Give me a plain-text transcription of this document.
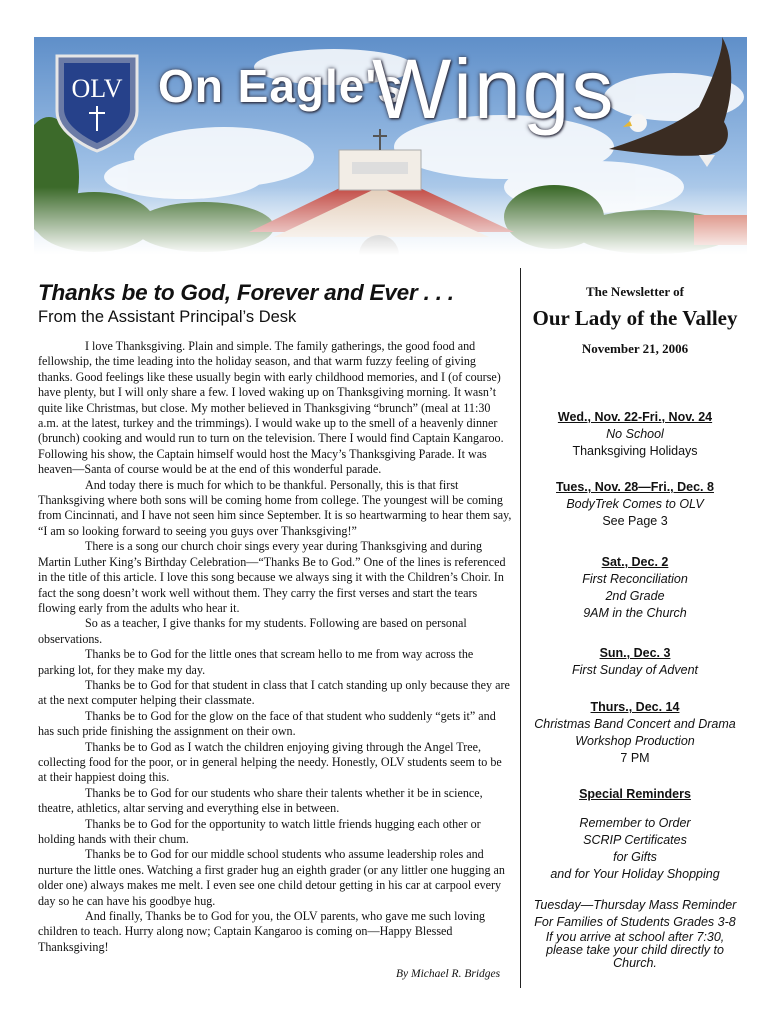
OLV On Eagle's
Wings
Thanks be to God, Forever and Ever . . .
From the Assistant Principal’s Desk

I love Thanksgiving. Plain and simple. The family gatherings, the good food and fellowship, the time leading into the holiday season, and that warm fuzzy feeling of giving thanks. Good feelings like these usually begin with early childhood memories, and I (of course) have plenty, but I will only share a few. I loved waking up on Thanksgiving morning. It wasn’t quite like Christmas, but close. My mother believed in Thanksgiving “brunch” (meal at 11:30 a.m. at the latest, turkey and the trimmings). I would wake up to the smell of a heavenly dinner (brunch) cooking and would run to turn on the television. There I would find Captain Kangaroo. Following his show, the Captain himself would host the Macy’s Thanksgiving Parade. It was heaven—Santa of course would be at the end of this wonderful parade.

And today there is much for which to be thankful. Personally, this is that first Thanksgiving where both sons will be coming home from college. The youngest will be coming from Cincinnati, and I have not seen him since September. It is so heartwarming to hear them say, “I am so looking forward to seeing you guys over Thanksgiving!”

There is a song our church choir sings every year during Thanksgiving and during Martin Luther King’s Birthday Celebration—“Thanks Be to God.” One of the lines is referenced in the title of this article. I love this song because we always sing it with the Children’s Choir. In fact the song doesn’t work well without them. They carry the first verses and start the tears flowing early from the adults who hear it.

So as a teacher, I give thanks for my students. Following are based on personal observations.

Thanks be to God for the little ones that scream hello to me from way across the parking lot, for they make my day.

Thanks be to God for that student in class that I catch standing up only because they are at the next computer helping their classmate.

Thanks be to God for the glow on the face of that student who suddenly “gets it” and has such pride finishing the assignment on their own.

Thanks be to God as I watch the children enjoying giving through the Angel Tree, collecting food for the poor, or in general helping the needy. Honestly, OLV students seem to be at their happiest doing this.

Thanks be to God for our students who share their talents whether it be in science, theatre, athletics, altar serving and everything else in between.

Thanks be to God for the opportunity to watch little friends hugging each other or holding hands with their chum.

Thanks be to God for our middle school students who assume leadership roles and nurture the little ones. Watching a first grader hug an eighth grader (or any littler one hugging an older one) always makes me melt. I even see one child detour getting in his car at carpool every day so he can have his goodbye hug.

And finally, Thanks be to God for you, the OLV parents, who gave me such loving children to teach. Hurry along now; Captain Kangaroo is coming on—Happy Blessed Thanksgiving!

By Michael R. Bridges
The Newsletter of
Our Lady of the Valley
November 21, 2006
Wed., Nov. 22-Fri., Nov. 24
No School
Thanksgiving Holidays
Tues., Nov. 28—Fri., Dec. 8
BodyTrek Comes to OLV
See Page 3
Sat., Dec. 2
First Reconciliation
2nd Grade
9AM in the Church
Sun., Dec. 3
First Sunday of Advent
Thurs., Dec. 14
Christmas Band Concert and Drama
Workshop Production
7 PM
Special Reminders
Remember to Order
SCRIP Certificates
for Gifts
and for Your Holiday Shopping
Tuesday—Thursday Mass Reminder
For Families of Students Grades 3-8
If you arrive at school after 7:30,
please take your child directly to
Church.
